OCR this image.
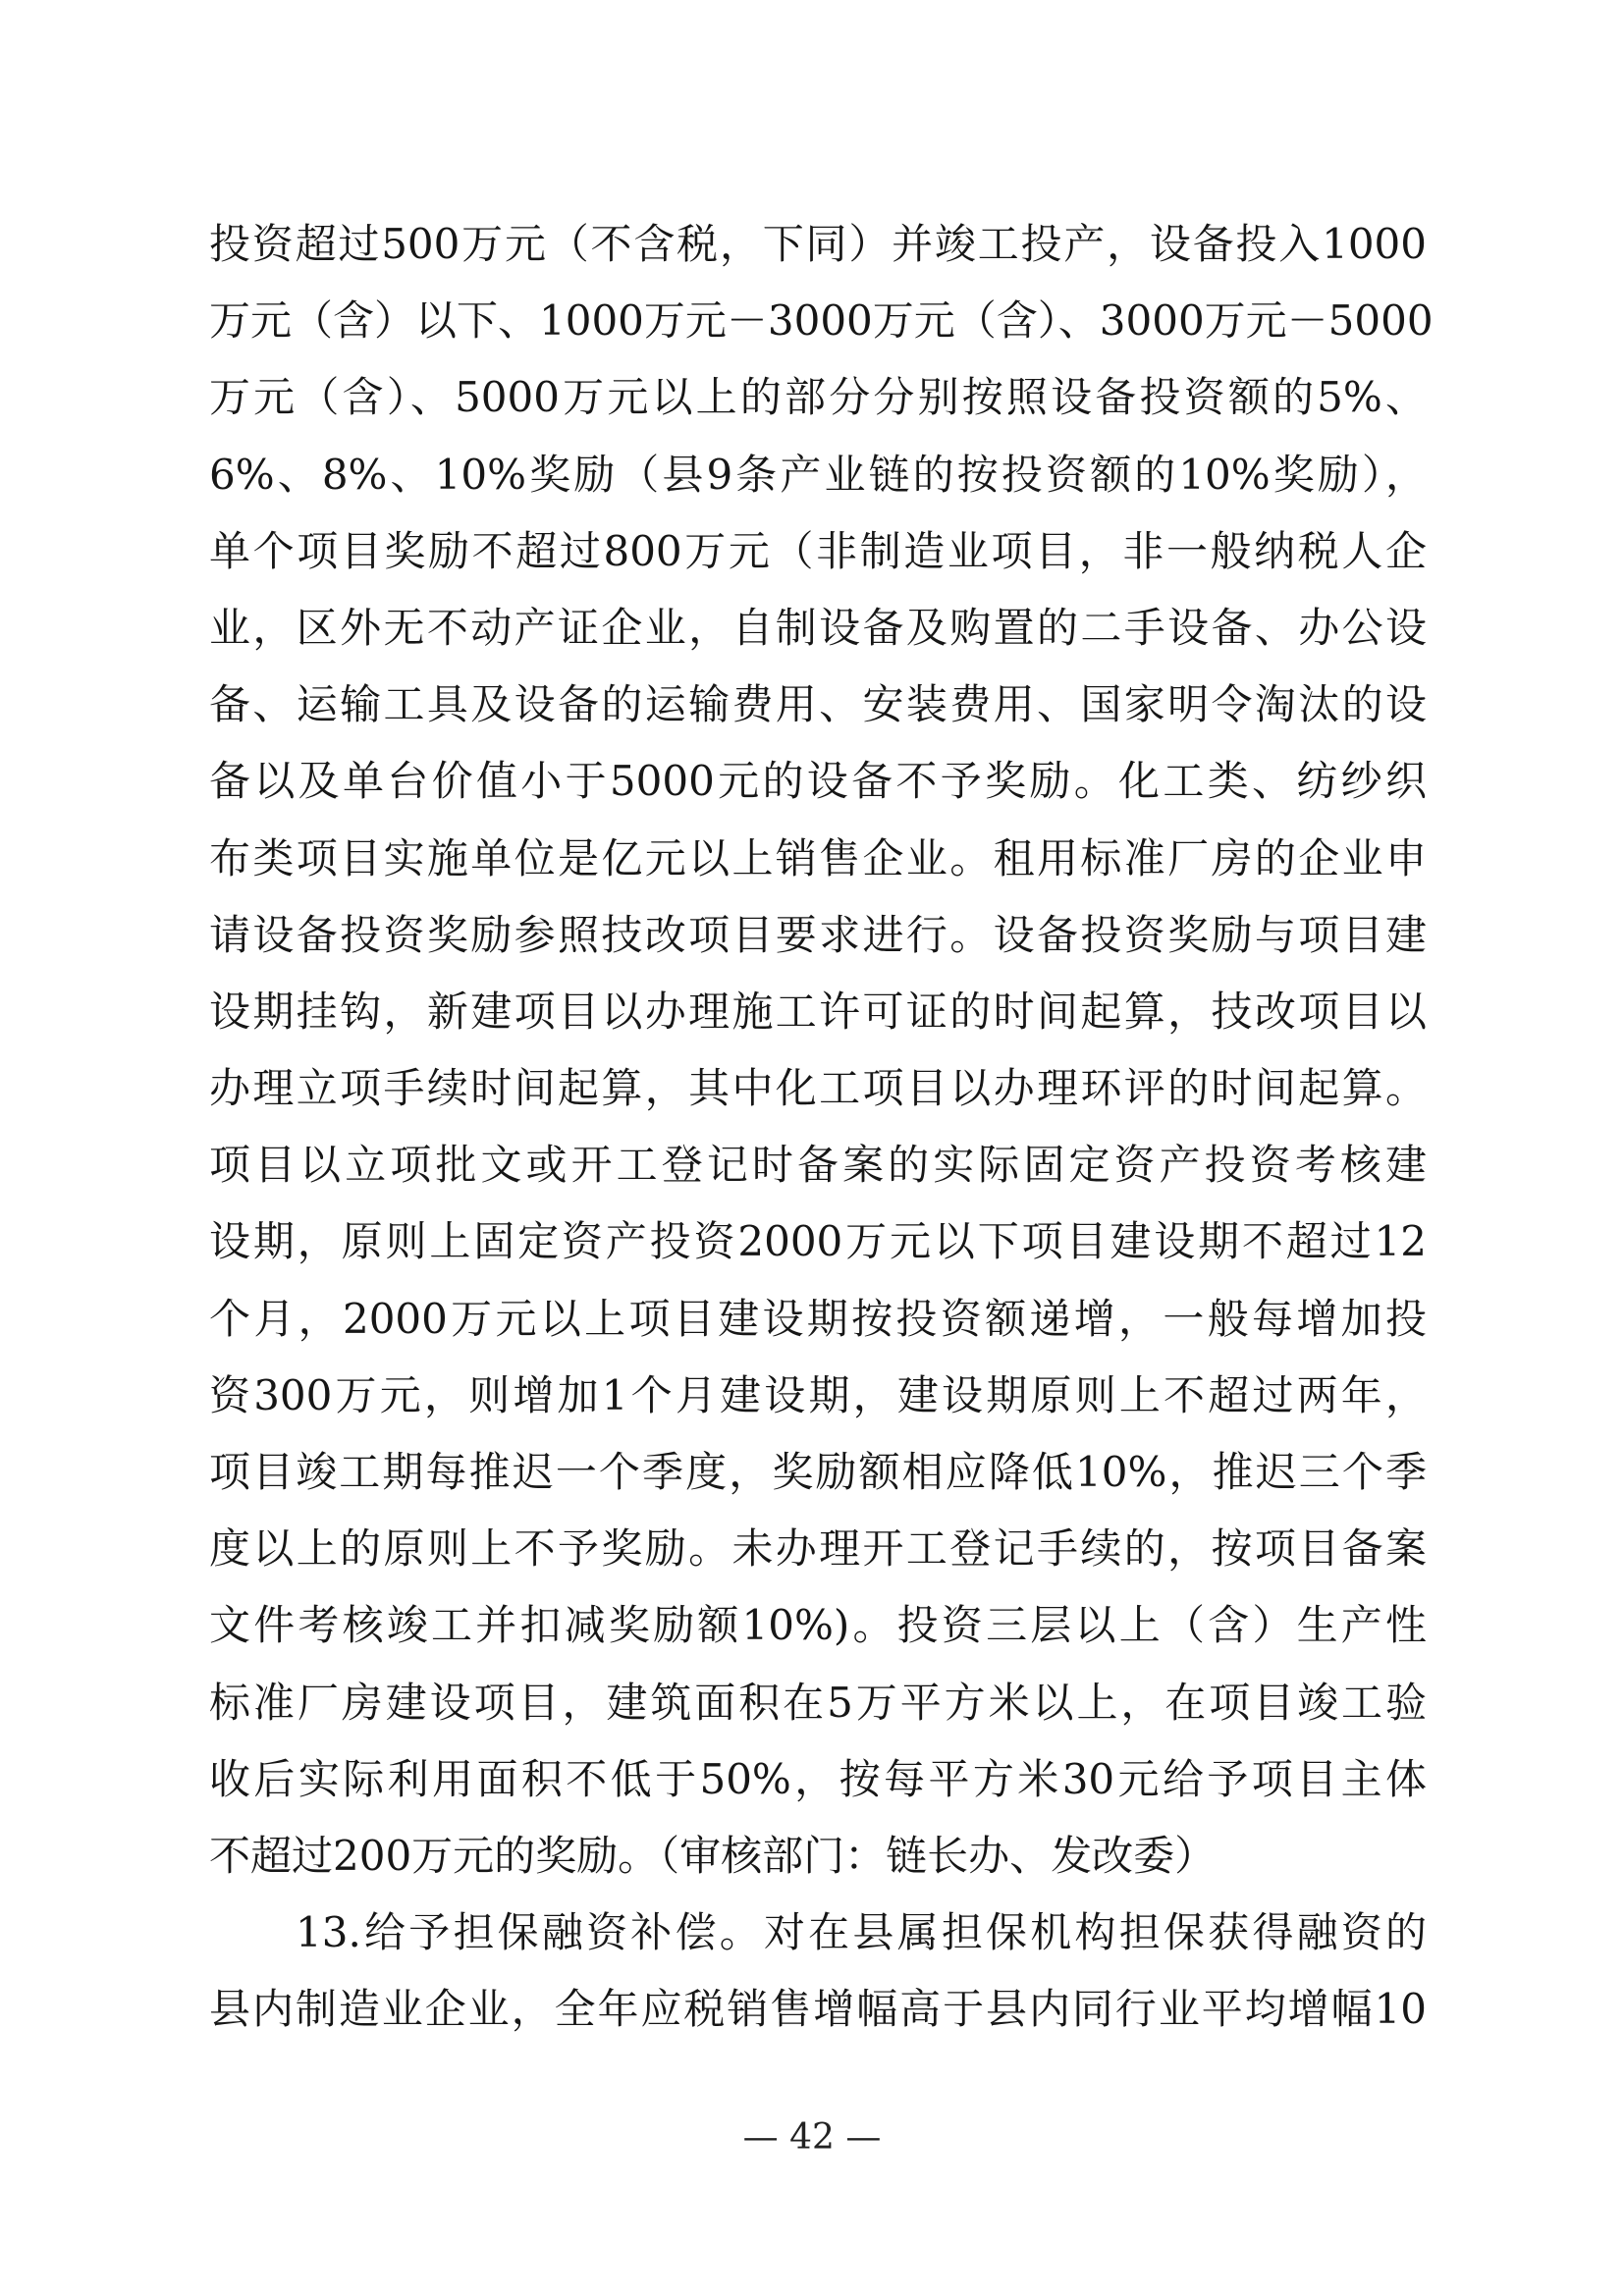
投资超过500万元（不含税，下同）并竣工投产，设备投入1000
万元（含）以下、1000万元－3000万元（含）、3000万元－5000
万元（含）、5000万元以上的部分分别按照设备投资额的5%、
6%、8%、10%奖励（县9条产业链的按投资额的10%奖励），
单个项目奖励不超过800万元（非制造业项目，非一般纳税人企
业，区外无不动产证企业，自制设备及购置的二手设备、办公设
备、运输工具及设备的运输费用、安装费用、国家明令淘汰的设
备以及单台价值小于5000元的设备不予奖励。化工类、纺纱织
布类项目实施单位是亿元以上销售企业。租用标准厂房的企业申
请设备投资奖励参照技改项目要求进行。设备投资奖励与项目建
设期挂钩，新建项目以办理施工许可证的时间起算，技改项目以
办理立项手续时间起算，其中化工项目以办理环评的时间起算。
项目以立项批文或开工登记时备案的实际固定资产投资考核建
设期，原则上固定资产投资2000万元以下项目建设期不超过12
个月，2000万元以上项目建设期按投资额递增，一般每增加投
资300万元，则增加1个月建设期，建设期原则上不超过两年，
项目竣工期每推迟一个季度，奖励额相应降低10%，推迟三个季
度以上的原则上不予奖励。未办理开工登记手续的，按项目备案
文件考核竣工并扣减奖励额10%)。投资三层以上（含）生产性
标准厂房建设项目，建筑面积在5万平方米以上，在项目竣工验
收后实际利用面积不低于50%，按每平方米30元给予项目主体
不超过200万元的奖励。（审核部门：链长办、发改委）
13.给予担保融资补偿。对在县属担保机构担保获得融资的
县内制造业企业，全年应税销售增幅高于县内同行业平均增幅10
— 42 —
